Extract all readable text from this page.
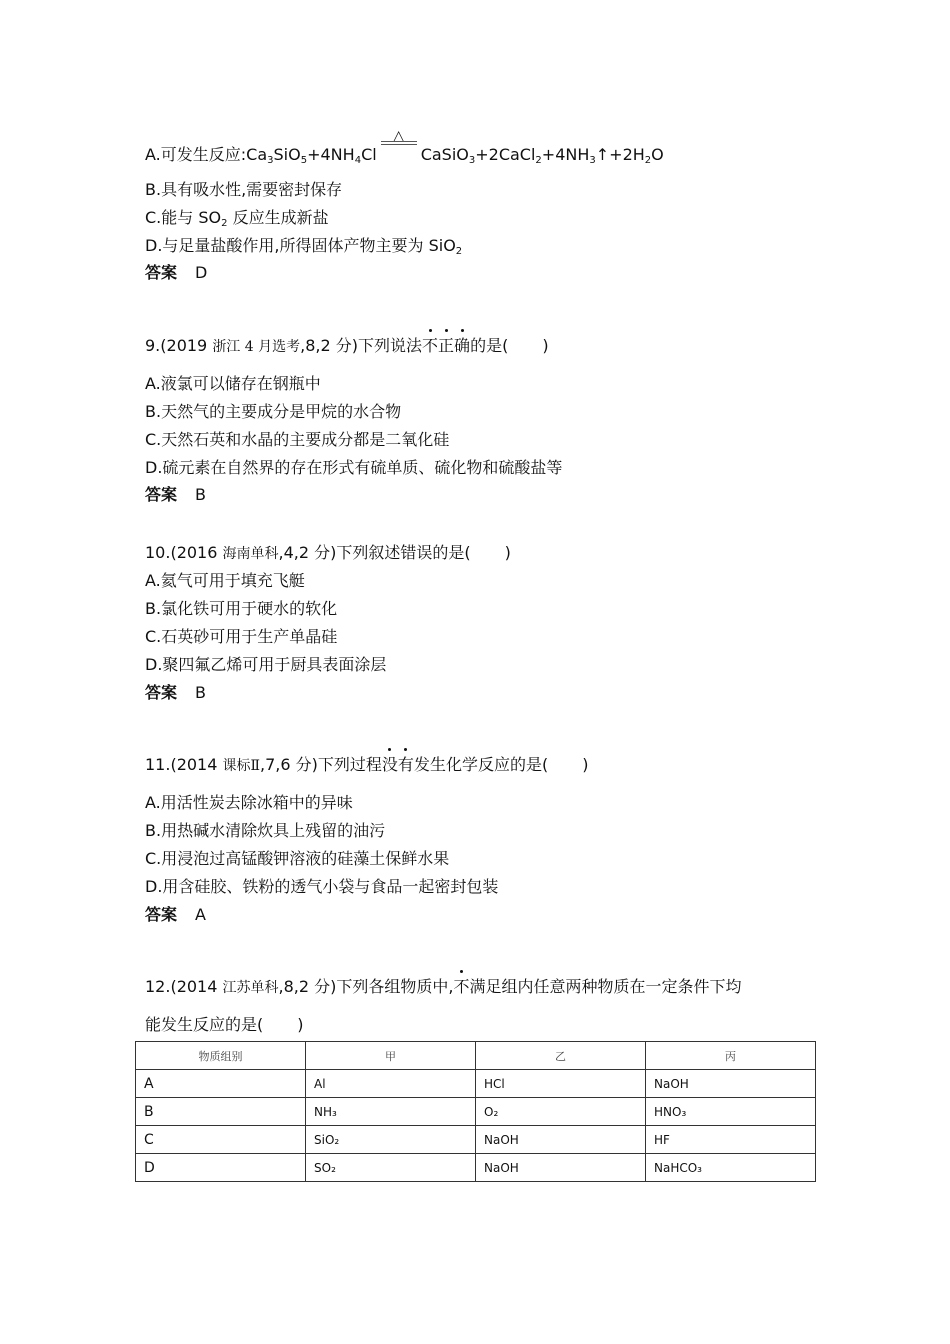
A.可发生反应$:Ca_3SiO_5+4NH_4Cl$
△
$CaSiO_3+2CaCl_2+4NH_3↑+2H_2O$
B.具有吸水性,需要密封保存
C.能与 $SO_2$ 反应生成新盐
D.与足量盐酸作用,所得固体产物主要为 SiO$_2$
答案 D
9.(2019 浙江 4 月选考,8,2 分)下列说法不正确的是( )
A.液氯可以储存在钢瓶中
B.天然气的主要成分是甲烷的水合物
C.天然石英和水晶的主要成分都是二氧化硅
D.硫元素在自然界的存在形式有硫单质、硫化物和硫酸盐等
答案 B
10.(2016 海南单科,4,2 分)下列叙述错误的是( )
A.氦气可用于填充飞艇
B.氯化铁可用于硬水的软化
C.石英砂可用于生产单晶硅
D.聚四氟乙烯可用于厨具表面涂层
答案 B
11.(2014 课标Ⅱ,7,6 分)下列过程没有发生化学反应的是( )
A.用活性炭去除冰箱中的异味
B.用热碱水清除炊具上残留的油污
C.用浸泡过高锰酸钾溶液的硅藻土保鲜水果
D.用含硅胶、铁粉的透气小袋与食品一起密封包装
答案 A
12.(2014 江苏单科,8,2 分)下列各组物质中,不满足组内任意两种物质在一定条件下均
能发生反应的是( )
物质组别	甲	乙	丙
A	Al	HCl	NaOH
B	NH₃	O₂	HNO₃
C	SiO₂	NaOH	HF
D	SO₂	NaOH	NaHCO₃
